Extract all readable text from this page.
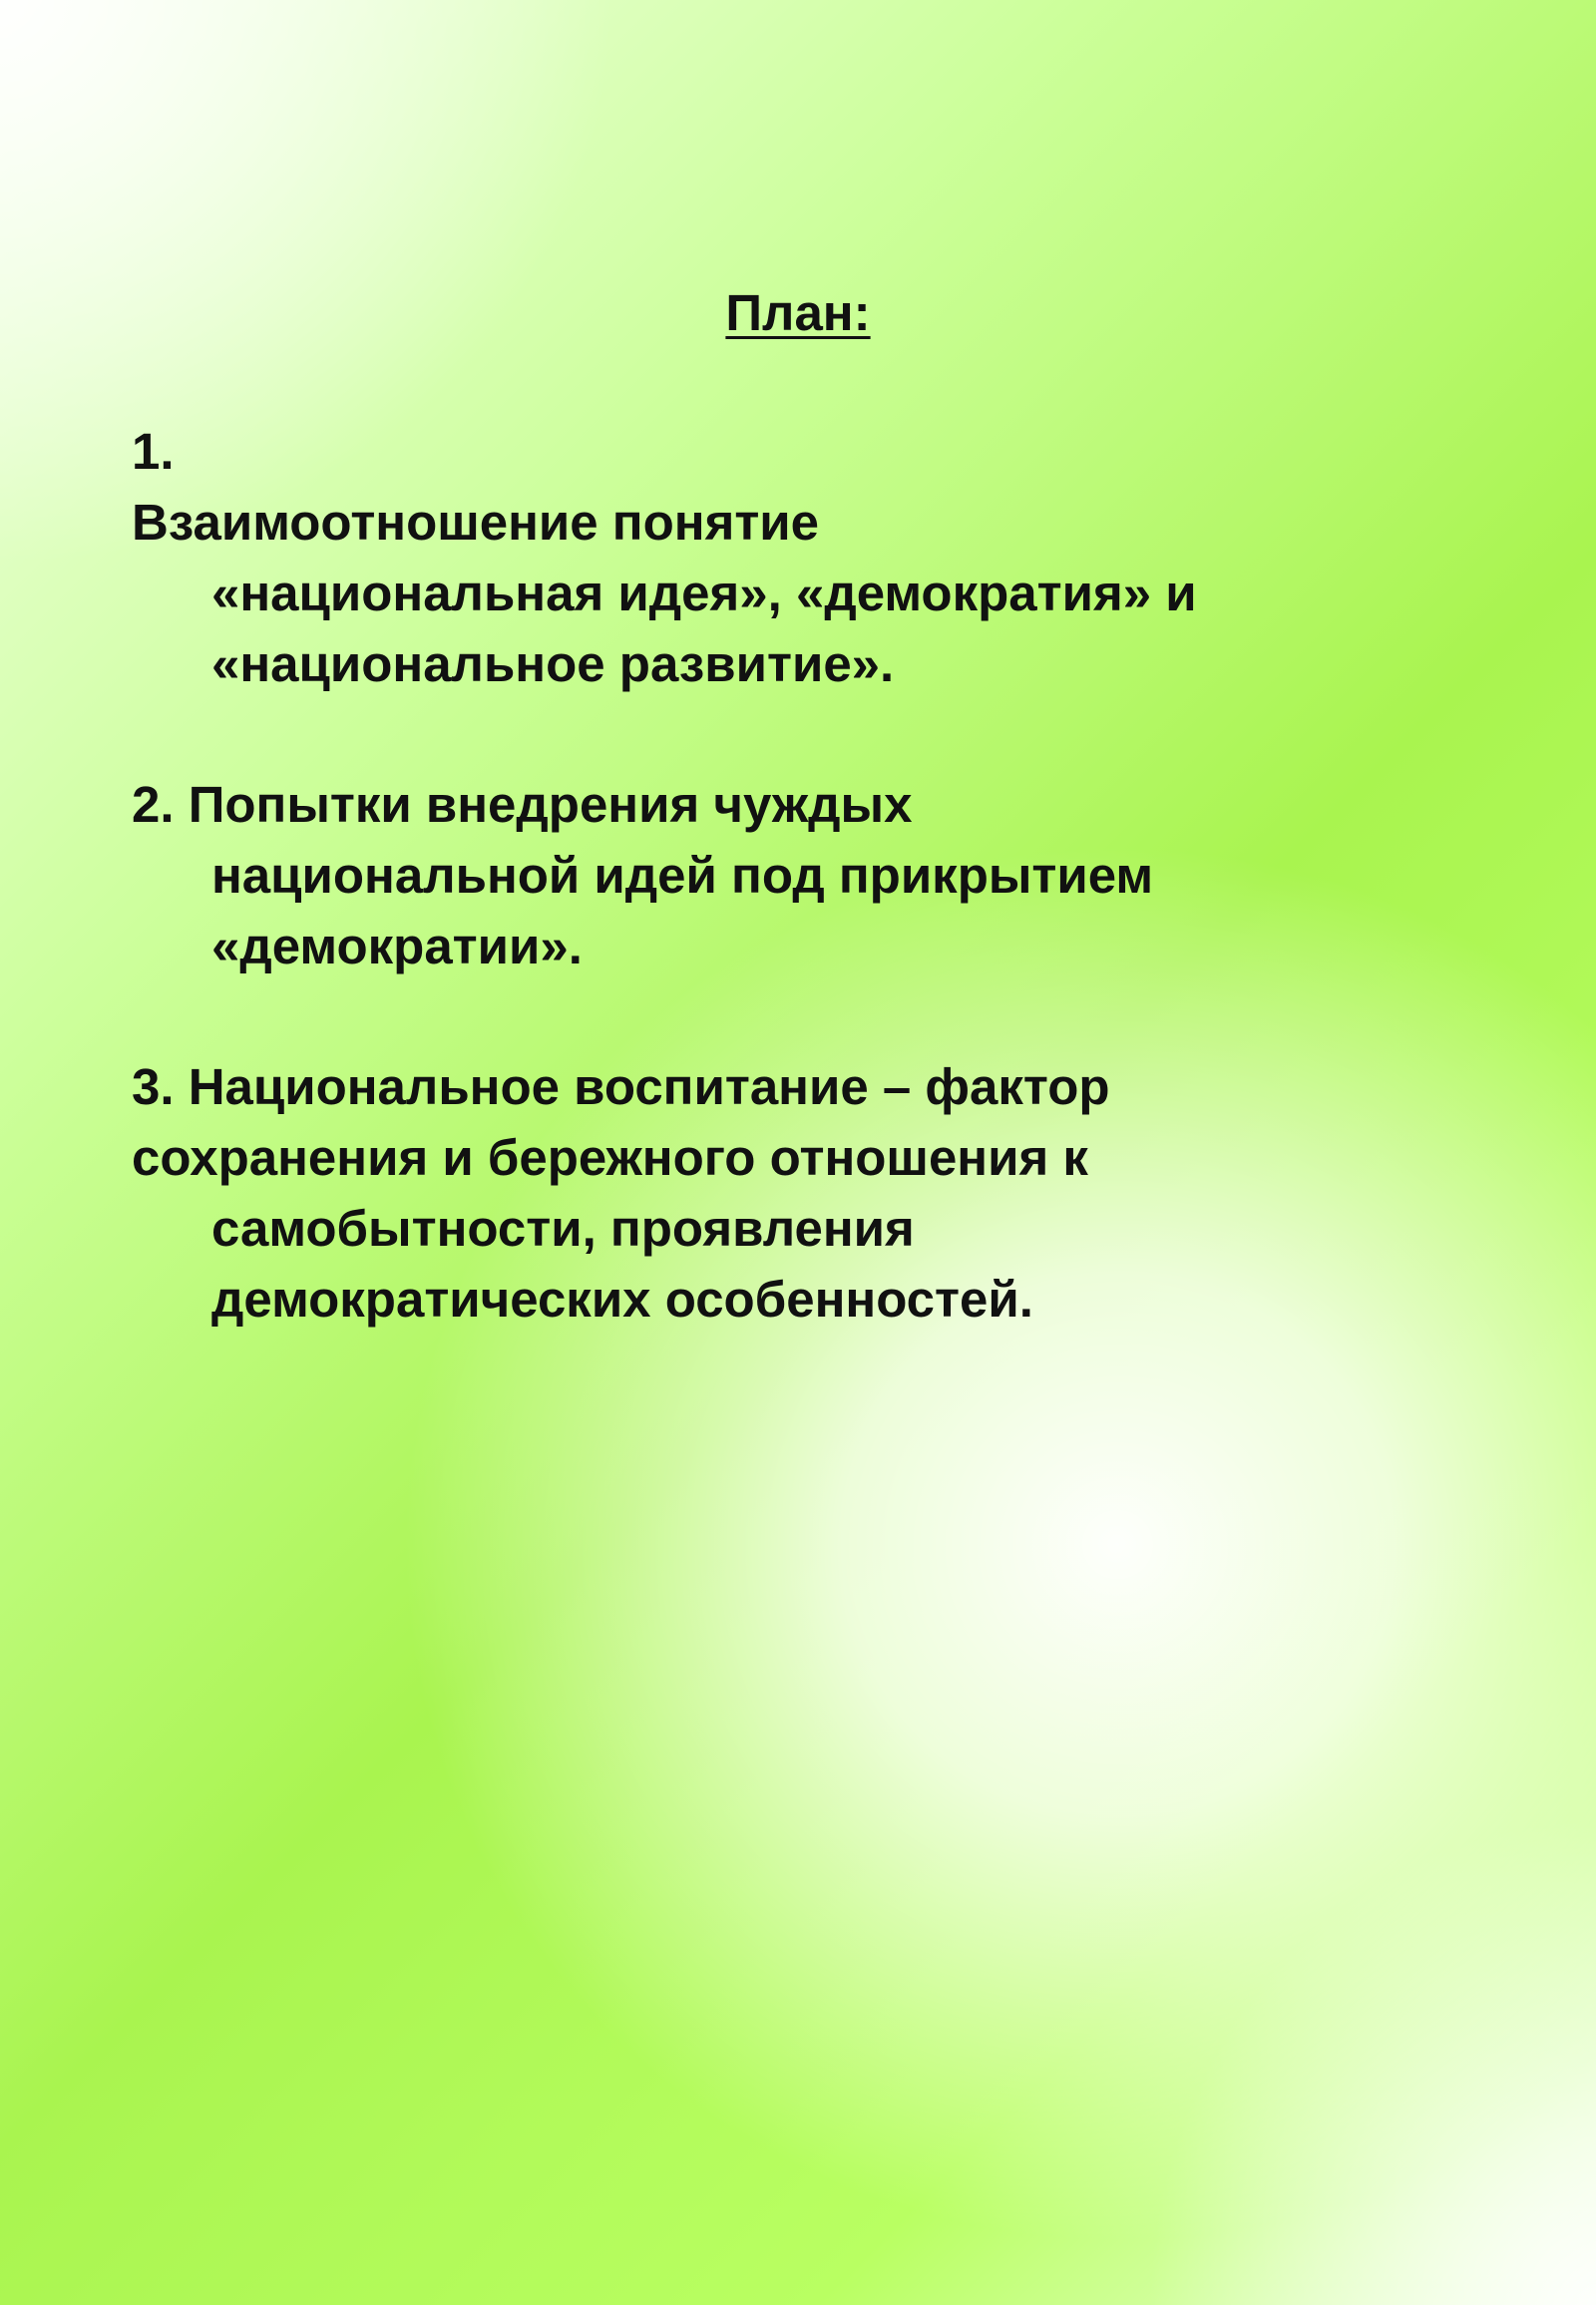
План:
1.
Взаимоотношение понятие
«национальная идея», «демократия» и
«национальное развитие».
2. Попытки внедрения чуждых
национальной идей под прикрытием
«демократии».
3. Национальное воспитание – фактор
сохранения и бережного отношения к
самобытности, проявления
демократических особенностей.
